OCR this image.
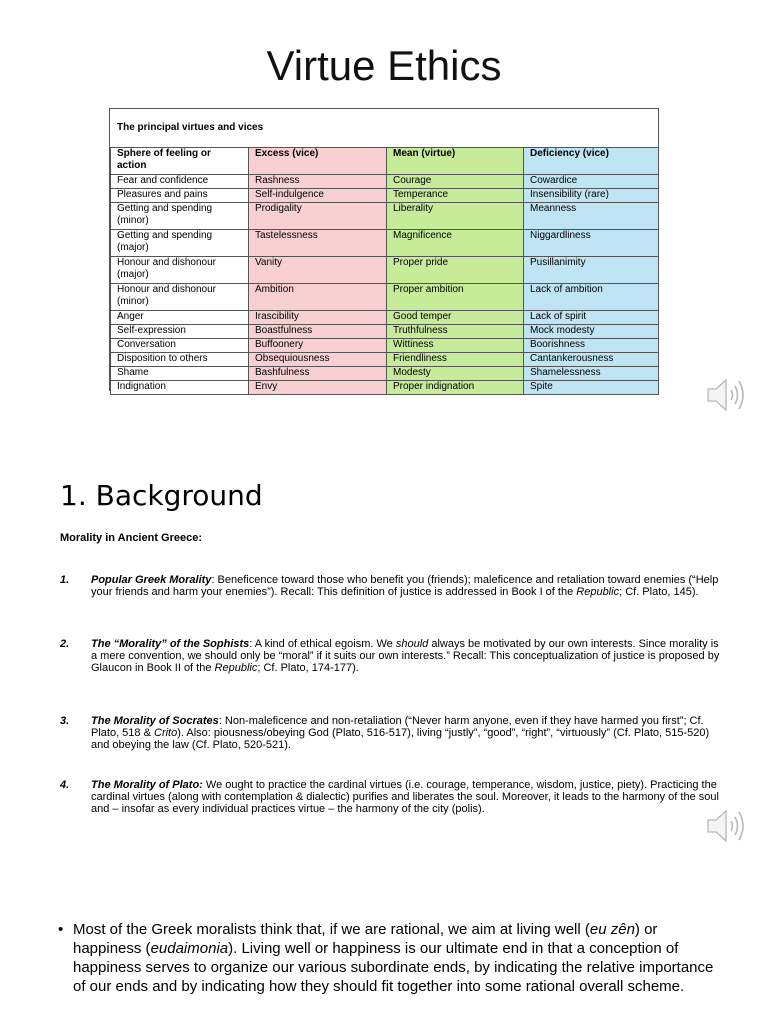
Virtue Ethics
The principal virtues and vices
Sphere of feeling or action	Excess (vice)	Mean (virtue)	Deficiency (vice)
Fear and confidence	Rashness	Courage	Cowardice
Pleasures and pains	Self-indulgence	Temperance	Insensibility (rare)
Getting and spending (minor)	Prodigality	Liberality	Meanness
Getting and spending (major)	Tastelessness	Magnificence	Niggardliness
Honour and dishonour (major)	Vanity	Proper pride	Pusillanimity
Honour and dishonour (minor)	Ambition	Proper ambition	Lack of ambition
Anger	Irascibility	Good temper	Lack of spirit
Self-expression	Boastfulness	Truthfulness	Mock modesty
Conversation	Buffoonery	Wittiness	Boorishness
Disposition to others	Obsequiousness	Friendliness	Cantankerousness
Shame	Bashfulness	Modesty	Shamelessness
Indignation	Envy	Proper indignation	Spite
1. Background
Morality in Ancient Greece:
1. Popular Greek Morality: Beneficence toward those who benefit you (friends); maleficence and retaliation toward enemies (“Help your friends and harm your enemies”). Recall: This definition of justice is addressed in Book I of the Republic; Cf. Plato, 145).
2. The “Morality” of the Sophists: A kind of ethical egoism. We should always be motivated by our own interests. Since morality is a mere convention, we should only be “moral” if it suits our own interests.” Recall: This conceptualization of justice is proposed by Glaucon in Book II of the Republic; Cf. Plato, 174-177).
3. The Morality of Socrates: Non-maleficence and non-retaliation (“Never harm anyone, even if they have harmed you first”; Cf. Plato, 518 & Crito). Also: piousness/obeying God (Plato, 516-517), living “justly”, “good”, “right”, “virtuously” (Cf. Plato, 515-520) and obeying the law (Cf. Plato, 520-521).
4. The Morality of Plato: We ought to practice the cardinal virtues (i.e. courage, temperance, wisdom, justice, piety). Practicing the cardinal virtues (along with contemplation & dialectic) purifies and liberates the soul. Moreover, it leads to the harmony of the soul and – insofar as every individual practices virtue – the harmony of the city (polis).
• Most of the Greek moralists think that, if we are rational, we aim at living well (eu zên) or happiness (eudaimonia). Living well or happiness is our ultimate end in that a conception of happiness serves to organize our various subordinate ends, by indicating the relative importance of our ends and by indicating how they should fit together into some rational overall scheme.
